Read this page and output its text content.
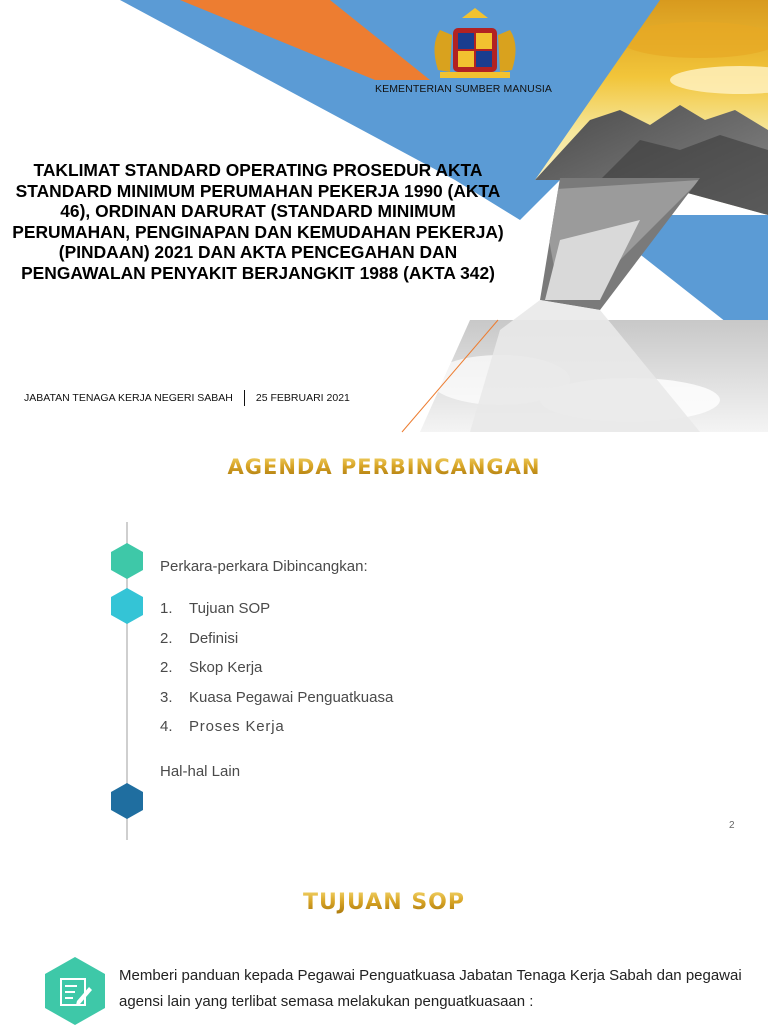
KEMENTERIAN SUMBER MANUSIA
TAKLIMAT STANDARD OPERATING PROSEDUR AKTA STANDARD MINIMUM PERUMAHAN PEKERJA 1990 (AKTA 46), ORDINAN DARURAT (STANDARD MINIMUM PERUMAHAN, PENGINAPAN DAN KEMUDAHAN PEKERJA)(PINDAAN) 2021 DAN AKTA PENCEGAHAN DAN PENGAWALAN PENYAKIT BERJANGKIT 1988 (AKTA 342)
JABATAN TENAGA KERJA NEGERI SABAH 25 FEBRUARI 2021
AGENDA PERBINCANGAN
Perkara-perkara Dibincangkan:
1.	Tujuan SOP
2.	Definisi
2.	Skop Kerja
3.	Kuasa Pegawai Penguatkuasa
4.	Proses Kerja
Hal-hal Lain
2
TUJUAN SOP

Memberi panduan kepada Pegawai Penguatkuasa Jabatan Tenaga Kerja Sabah dan pegawai agensi lain yang terlibat semasa melakukan penguatkuasaan :
